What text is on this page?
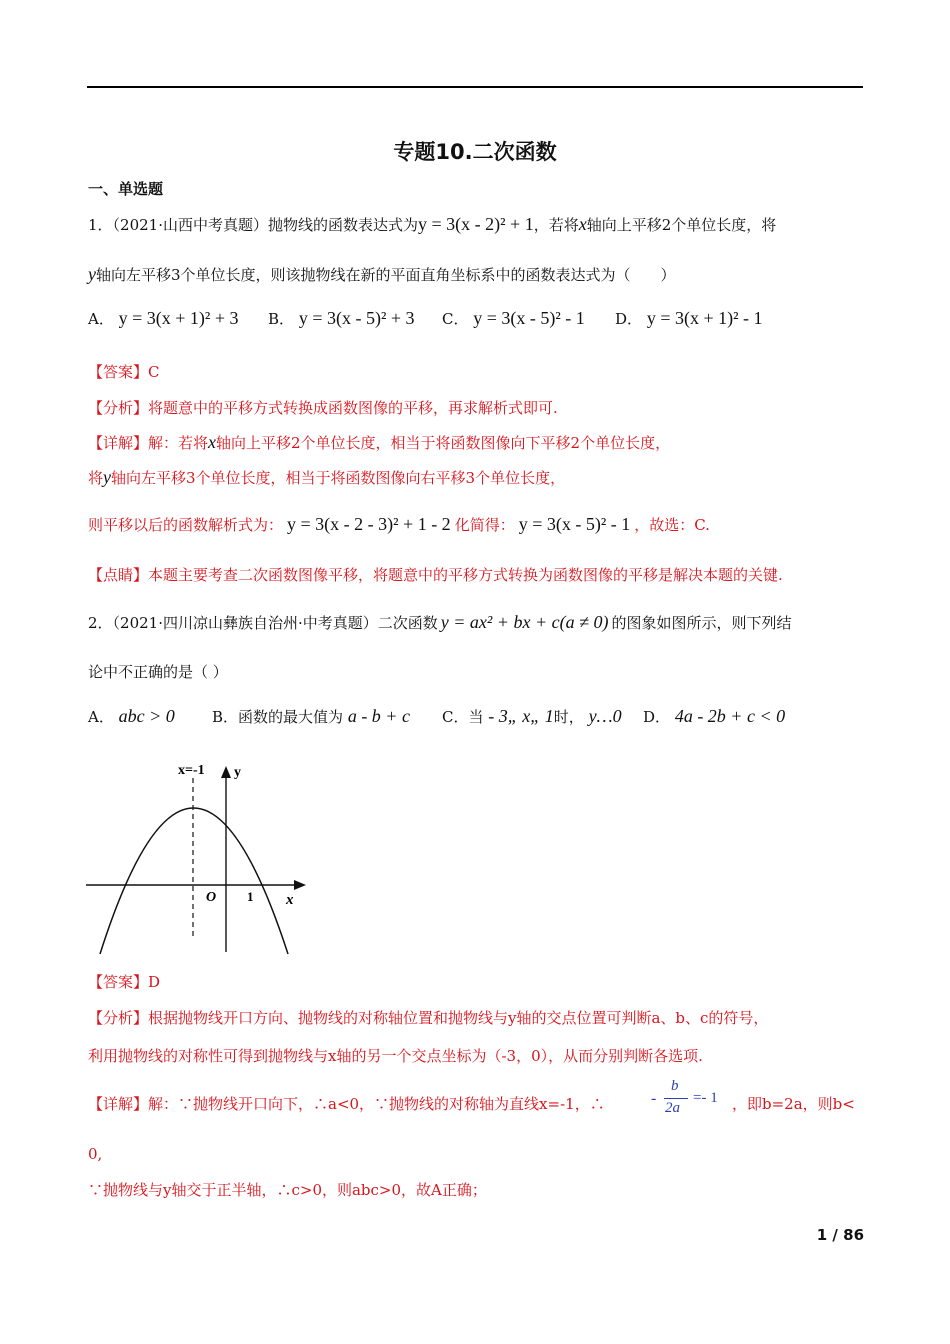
专题10.二次函数
一、单选题
1．（2021·山西中考真题）抛物线的函数表达式为y = 3(x - 2)² + 1，若将x轴向上平移2个单位长度，将
y轴向左平移3个单位长度，则该抛物线在新的平面直角坐标系中的函数表达式为（　　）
A． y = 3(x + 1)² + 3 B． y = 3(x - 5)² + 3 C． y = 3(x - 5)² - 1 D． y = 3(x + 1)² - 1
【答案】C
【分析】将题意中的平移方式转换成函数图像的平移，再求解析式即可.
【详解】解：若将x轴向上平移2个单位长度，相当于将函数图像向下平移2个单位长度，
将y轴向左平移3个单位长度，相当于将函数图像向右平移3个单位长度，
则平移以后的函数解析式为： y = 3(x - 2 - 3)² + 1 - 2 化简得： y = 3(x - 5)² - 1 ，故选：C.
【点睛】本题主要考查二次函数图像平移，将题意中的平移方式转换为函数图像的平移是解决本题的关键.
2．（2021·四川凉山彝族自治州·中考真题）二次函数 y = ax² + bx + c(a ≠ 0) 的图象如图所示，则下列结
论中不正确的是（ ）
A． abc > 0 B．函数的最大值为 a - b + c C．当 - 3„ x„ 1时， y…0 D． 4a - 2b + c < 0
x=-1 y
x
O 1
【答案】D
【分析】根据抛物线开口方向、抛物线的对称轴位置和抛物线与y轴的交点位置可判断a、b、c的符号，
利用抛物线的对称性可得到抛物线与x轴的另一个交点坐标为（-3，0），从而分别判断各选项.
【详解】解：∵抛物线开口向下，∴a<0，∵抛物线的对称轴为直线x=-1，∴	-
b
2a
=- 1 ，即b=2a，则b<
0,
∵抛物线与y轴交于正半轴，∴c>0，则abc>0，故A正确；
1 / 86
